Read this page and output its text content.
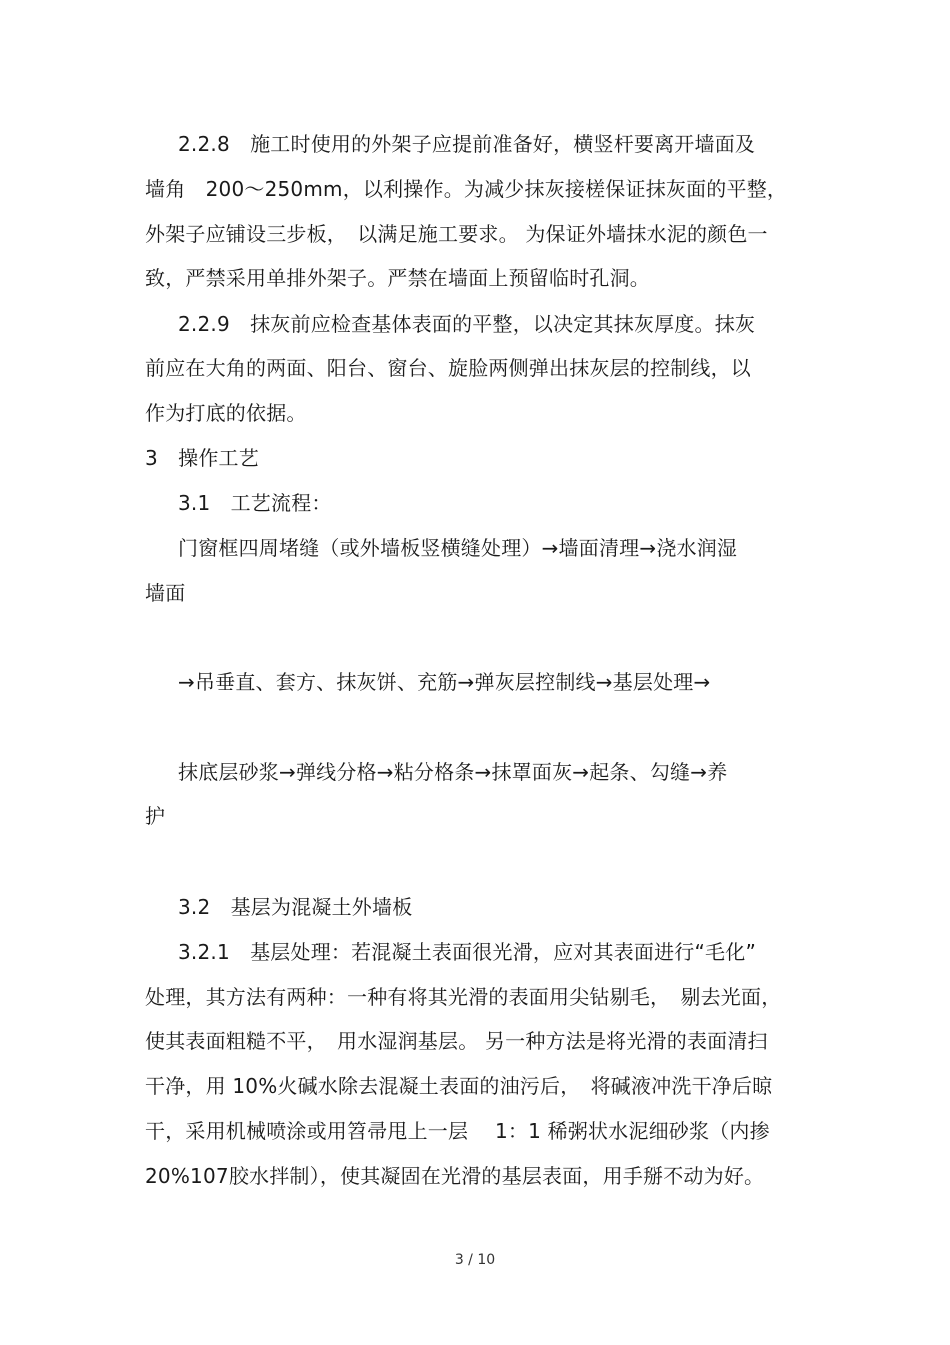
2.2.8　施工时使用的外架子应提前准备好，横竖杆要离开墙面及
墙角　200～250mm，以利操作。为减少抹灰接槎保证抹灰面的平整，
外架子应铺设三步板，　以满足施工要求。 为保证外墙抹水泥的颜色一
致，严禁采用单排外架子。严禁在墙面上预留临时孔洞。
2.2.9　抹灰前应检查基体表面的平整，以决定其抹灰厚度。抹灰
前应在大角的两面、阳台、窗台、旋脸两侧弹出抹灰层的控制线，以
作为打底的依据。
3　操作工艺
3.1　工艺流程：
门窗框四周堵缝（或外墙板竖横缝处理）→墙面清理→浇水润湿
墙面
→吊垂直、套方、抹灰饼、充筋→弹灰层控制线→基层处理→
抹底层砂浆→弹线分格→粘分格条→抹罩面灰→起条、勾缝→养
护
3.2　基层为混凝土外墙板
3.2.1　基层处理：若混凝土表面很光滑，应对其表面进行“毛化”
处理，其方法有两种：一种有将其光滑的表面用尖钻剔毛，　剔去光面，
使其表面粗糙不平，　用水湿润基层。 另一种方法是将光滑的表面清扫
干净，用 10%火碱水除去混凝土表面的油污后，　将碱液冲洗干净后晾
干，采用机械喷涂或用笤帚甩上一层　 1：1 稀粥状水泥细砂浆（内掺
20%107胶水拌制），使其凝固在光滑的基层表面，用手掰不动为好。
3 / 10
